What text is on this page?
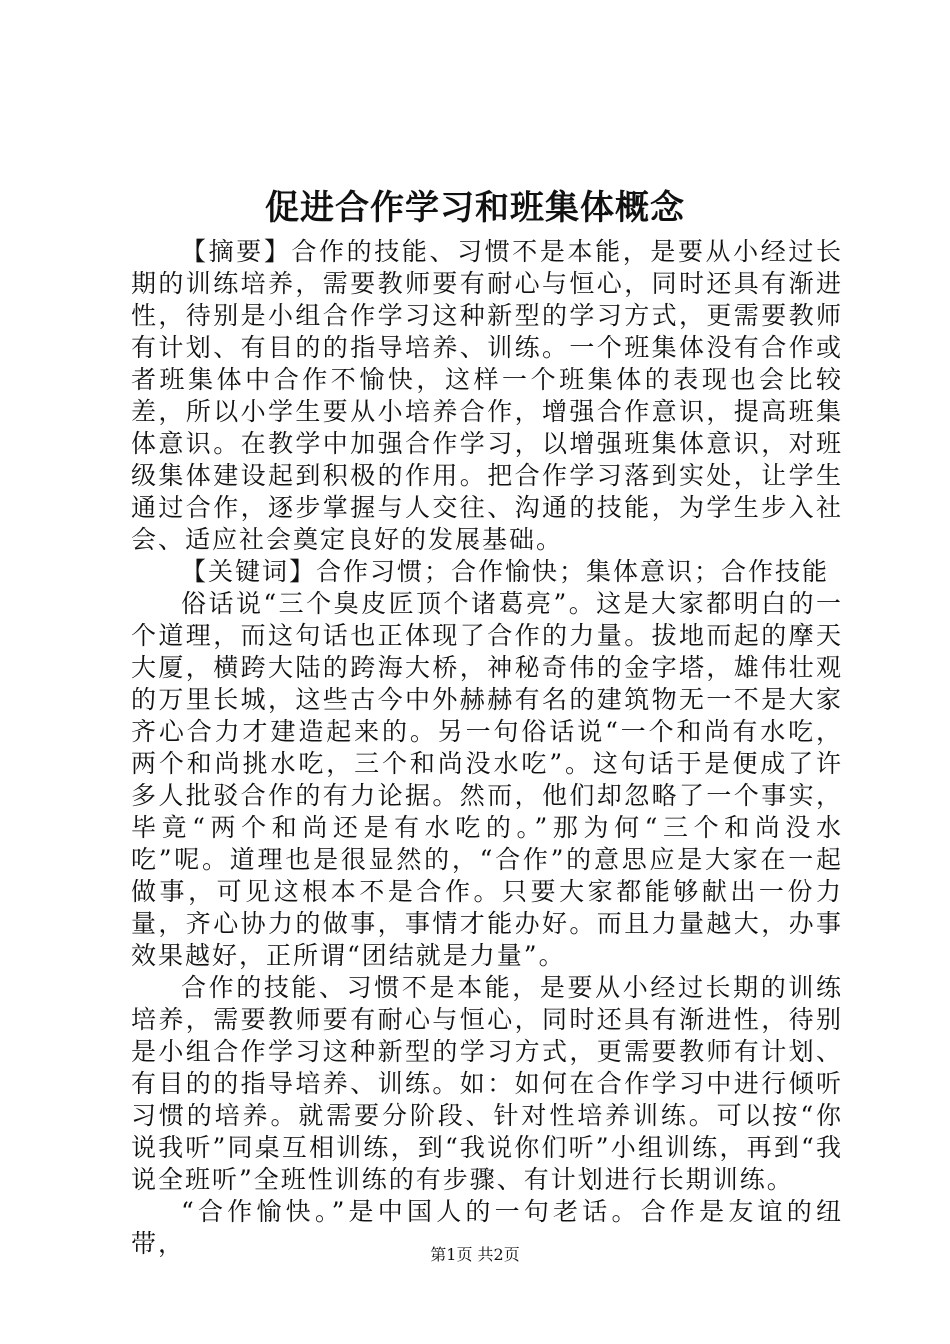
促进合作学习和班集体概念

【摘要】合作的技能、习惯不是本能，是要从小经过长期的训练培养，需要教师要有耐心与恒心，同时还具有渐进性，待别是小组合作学习这种新型的学习方式，更需要教师有计划、有目的的指导培养、训练。一个班集体没有合作或者班集体中合作不愉快，这样一个班集体的表现也会比较差，所以小学生要从小培养合作，增强合作意识，提高班集体意识。在教学中加强合作学习，以增强班集体意识，对班级集体建设起到积极的作用。把合作学习落到实处，让学生通过合作，逐步掌握与人交往、沟通的技能，为学生步入社会、适应社会奠定良好的发展基础。

【关键词】合作习惯；合作愉快；集体意识；合作技能

俗话说“三个臭皮匠顶个诸葛亮”。这是大家都明白的一个道理，而这句话也正体现了合作的力量。拔地而起的摩天大厦，横跨大陆的跨海大桥，神秘奇伟的金字塔，雄伟壮观的万里长城，这些古今中外赫赫有名的建筑物无一不是大家齐心合力才建造起来的。另一句俗话说“一个和尚有水吃，两个和尚挑水吃，三个和尚没水吃”。这句话于是便成了许多人批驳合作的有力论据。然而，他们却忽略了一个事实，毕竟“两个和尚还是有水吃的。”那为何“三个和尚没水吃”呢。道理也是很显然的，“合作”的意思应是大家在一起做事，可见这根本不是合作。只要大家都能够献出一份力量，齐心协力的做事，事情才能办好。而且力量越大，办事效果越好，正所谓“团结就是力量”。

合作的技能、习惯不是本能，是要从小经过长期的训练培养，需要教师要有耐心与恒心，同时还具有渐进性，待别是小组合作学习这种新型的学习方式，更需要教师有计划、有目的的指导培养、训练。如：如何在合作学习中进行倾听习惯的培养。就需要分阶段、针对性培养训练。可以按“你说我听”同桌互相训练，到“我说你们听”小组训练，再到“我说全班听”全班性训练的有步骤、有计划进行长期训练。

“合作愉快。”是中国人的一句老话。合作是友谊的纽带，	第1页 共2页
